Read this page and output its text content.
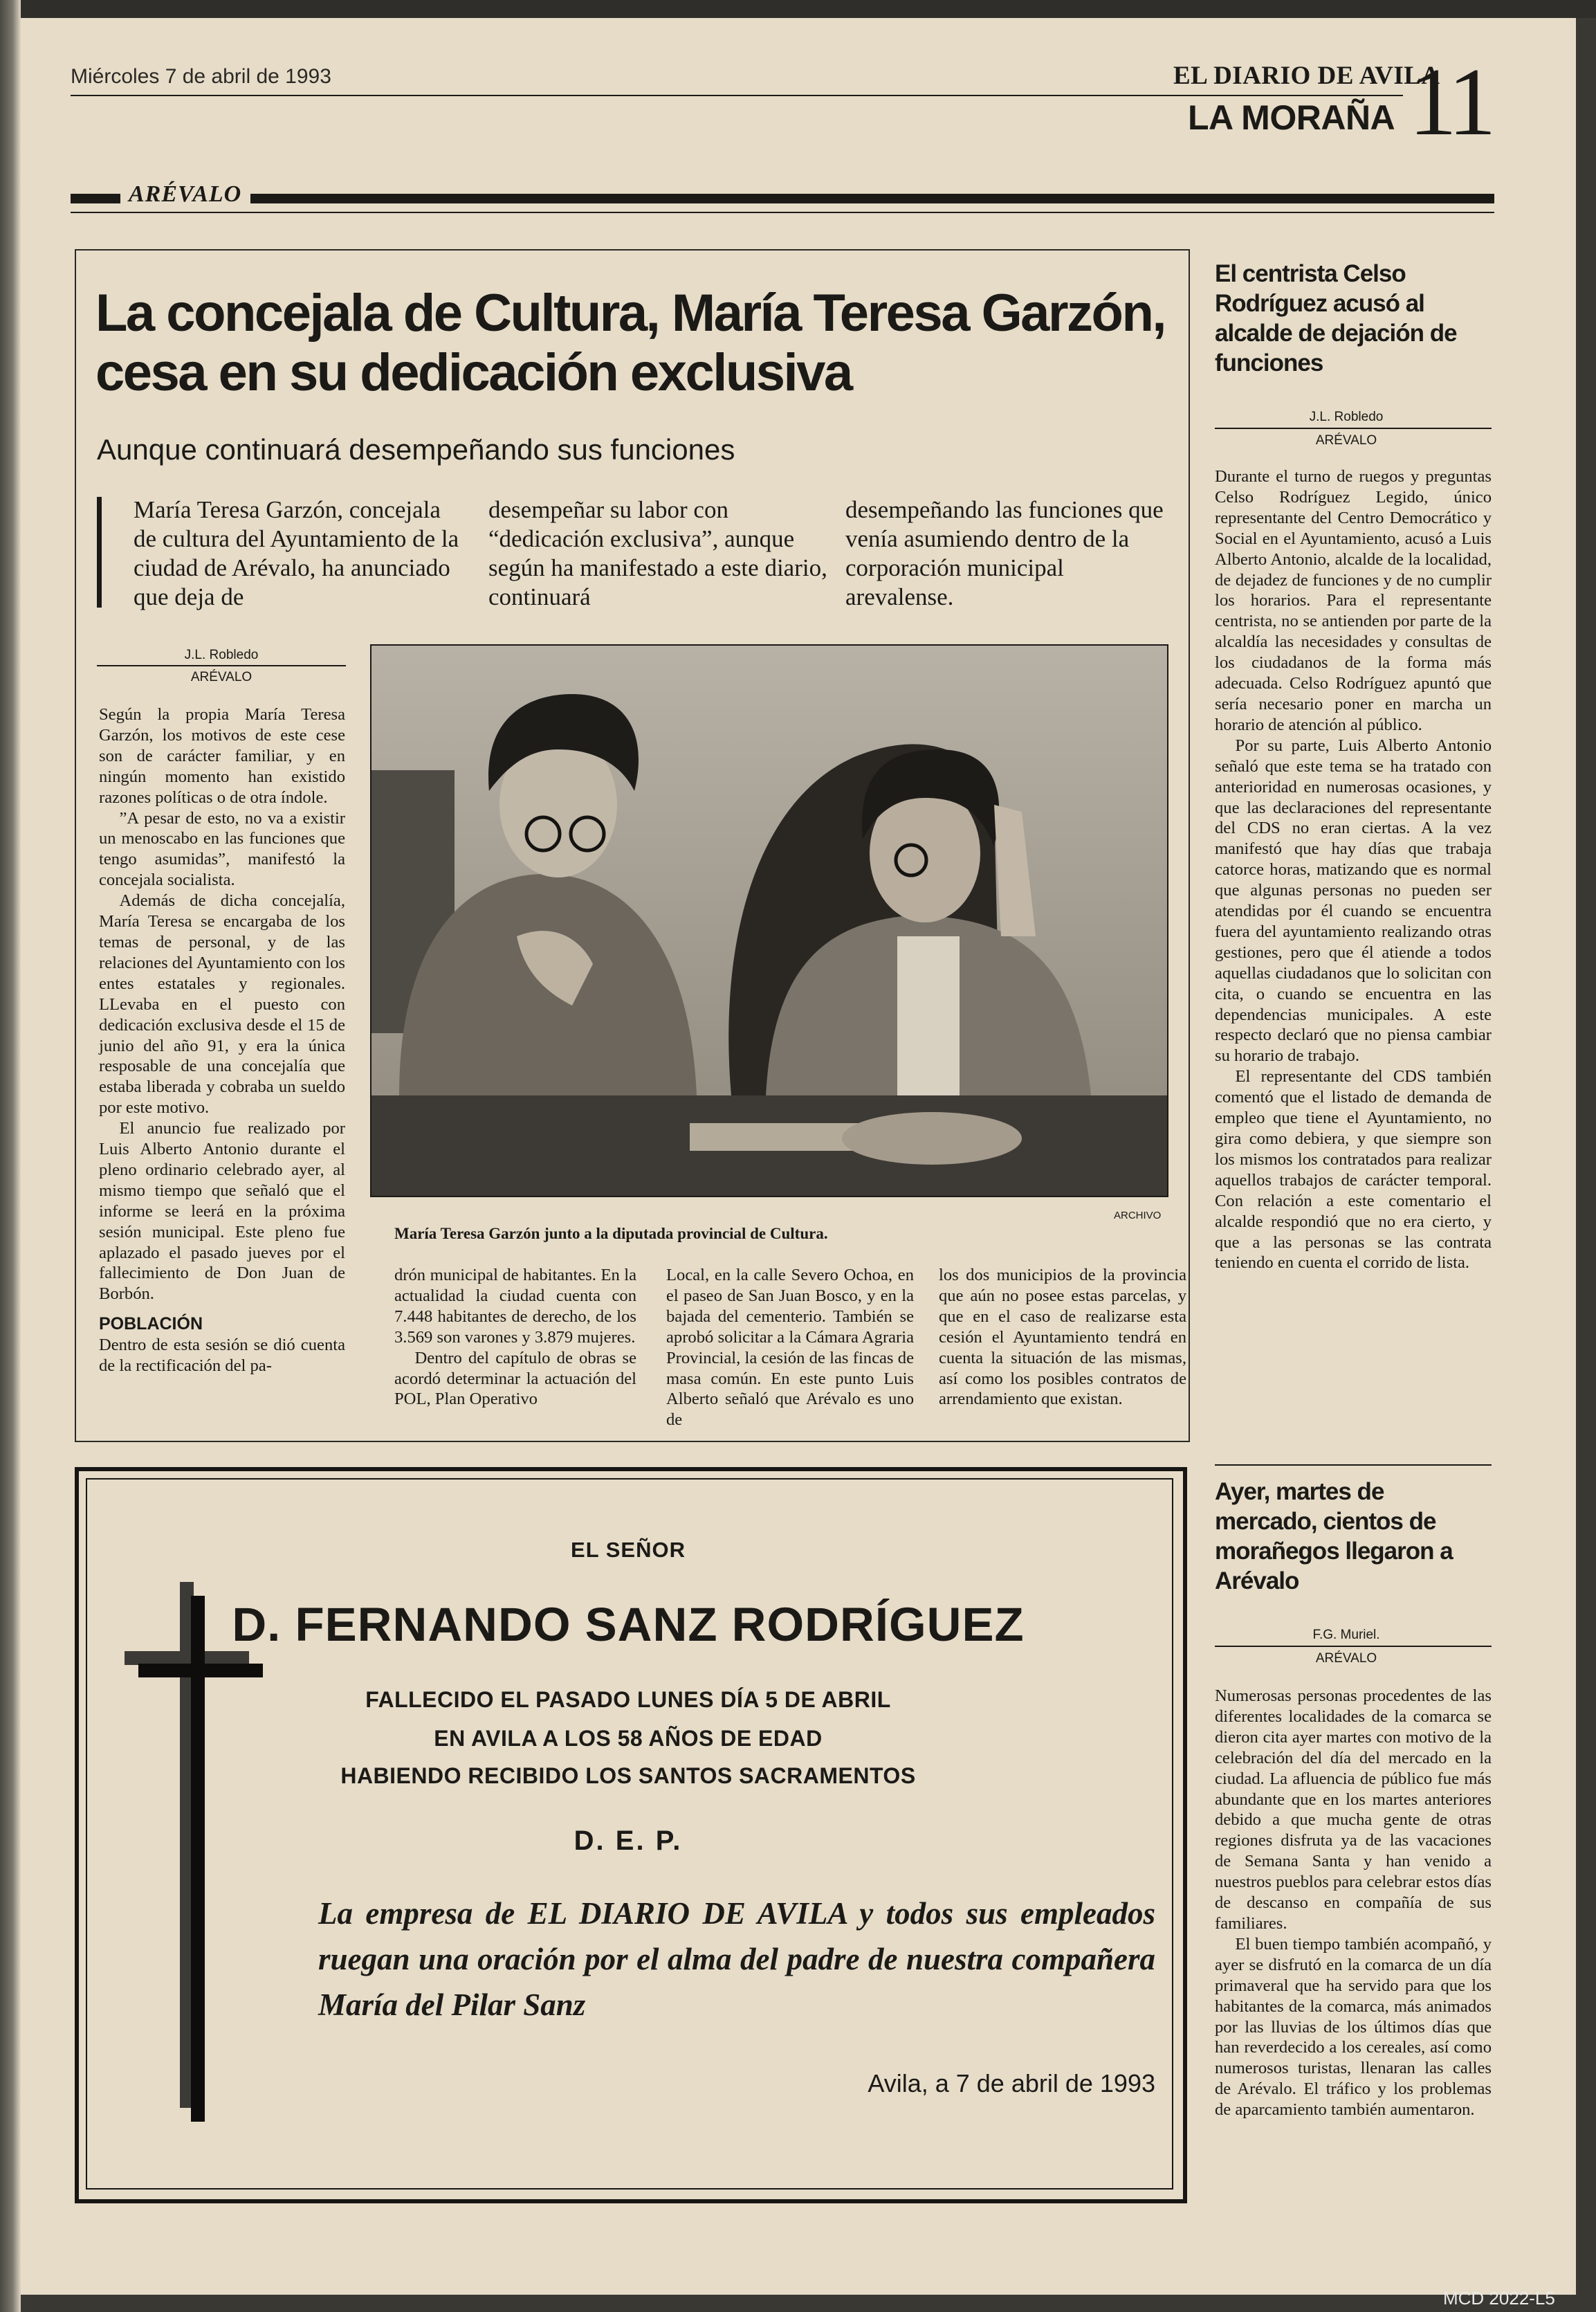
Miércoles 7 de abril de 1993	EL DIARIO DE AVILA
LA MORAÑA 11
ARÉVALO
La concejala de Cultura, María Teresa Garzón, cesa en su dedicación exclusiva
Aunque continuará desempeñando sus funciones
María Teresa Garzón, concejala de cultura del Ayuntamiento de la ciudad de Arévalo, ha anunciado que deja de
desempeñar su labor con “dedicación exclusiva”, aunque según ha manifestado a este diario, continuará
desempeñando las funciones que venía asumiendo dentro de la corporación municipal arevalense.
J.L. Robledo
ARÉVALO

Según la propia María Teresa Garzón, los motivos de este cese son de carácter familiar, y en ningún momento han existido razones políticas o de otra índole.

”A pesar de esto, no va a existir un menoscabo en las funciones que tengo asumidas”, manifestó la concejala socialista.

Además de dicha concejalía, María Teresa se encargaba de los temas de personal, y de las relaciones del Ayuntamiento con los entes estatales y regionales. LLevaba en el puesto con dedicación exclusiva desde el 15 de junio del año 91, y era la única resposable de una concejalía que estaba liberada y cobraba un sueldo por este motivo.

El anuncio fue realizado por Luis Alberto Antonio durante el pleno ordinario celebrado ayer, al mismo tiempo que señaló que el informe se leerá en la próxima sesión municipal. Este pleno fue aplazado el pasado jueves por el fallecimiento de Don Juan de Borbón.

POBLACIÓN

Dentro de esta sesión se dió cuenta de la rectificación del pa-

ARCHIVO
María Teresa Garzón junto a la diputada provincial de Cultura.

drón municipal de habitantes. En la actualidad la ciudad cuenta con 7.448 habitantes de derecho, de los 3.569 son varones y 3.879 mujeres.

Dentro del capítulo de obras se acordó determinar la actuación del POL, Plan Operativo

Local, en la calle Severo Ochoa, en el paseo de San Juan Bosco, y en la bajada del cementerio. También se aprobó solicitar a la Cámara Agraria Provincial, la cesión de las fincas de masa común. En este punto Luis Alberto señaló que Arévalo es uno de

los dos municipios de la provincia que aún no posee estas parcelas, y que en el caso de realizarse esta cesión el Ayuntamiento tendrá en cuenta la situación de las mismas, así como los posibles contratos de arrendamiento que existan.

El centrista Celso Rodríguez acusó al alcalde de dejación de funciones
J.L. Robledo
ARÉVALO

Durante el turno de ruegos y preguntas Celso Rodríguez Legido, único representante del Centro Democrático y Social en el Ayuntamiento, acusó a Luis Alberto Antonio, alcalde de la localidad, de dejadez de funciones y de no cumplir los horarios. Para el representante centrista, no se antienden por parte de la alcaldía las necesidades y consultas de los ciudadanos de la forma más adecuada. Celso Rodríguez apuntó que sería necesario poner en marcha un horario de atención al público.

Por su parte, Luis Alberto Antonio señaló que este tema se ha tratado con anterioridad en numerosas ocasiones, y que las declaraciones del representante del CDS no eran ciertas. A la vez manifestó que hay días que trabaja catorce horas, matizando que es normal que algunas personas no pueden ser atendidas por él cuando se encuentra fuera del ayuntamiento realizando otras gestiones, pero que él atiende a todos aquellas ciudadanos que lo solicitan con cita, o cuando se encuentra en las dependencias municipales. A este respecto declaró que no piensa cambiar su horario de trabajo.

El representante del CDS también comentó que el listado de demanda de empleo que tiene el Ayuntamiento, no gira como debiera, y que siempre son los mismos los contratados para realizar aquellos trabajos de carácter temporal. Con relación a este comentario el alcalde respondió que no era cierto, y que a las personas se las contrata teniendo en cuenta el corrido de lista.

Ayer, martes de mercado, cientos de morañegos llegaron a Arévalo
F.G. Muriel.
ARÉVALO

Numerosas personas procedentes de las diferentes localidades de la comarca se dieron cita ayer martes con motivo de la celebración del día del mercado en la ciudad. La afluencia de público fue más abundante que en los martes anteriores debido a que mucha gente de otras regiones disfruta ya de las vacaciones de Semana Santa y han venido a nuestros pueblos para celebrar estos días de descanso en compañía de sus familiares.

El buen tiempo también acompañó, y ayer se disfrutó en la comarca de un día primaveral que ha servido para que los habitantes de la comarca, más animados por las lluvias de los últimos días que han reverdecido a los cereales, así como numerosos turistas, llenaran las calles de Arévalo. El tráfico y los problemas de aparcamiento también aumentaron.

EL SEÑOR
D. FERNANDO SANZ RODRÍGUEZ
FALLECIDO EL PASADO LUNES DÍA 5 DE ABRIL
EN AVILA A LOS 58 AÑOS DE EDAD
HABIENDO RECIBIDO LOS SANTOS SACRAMENTOS
D. E. P.
La empresa de EL DIARIO DE AVILA y todos sus empleados ruegan una oración por el alma del padre de nuestra compañera María del Pilar Sanz
Avila, a 7 de abril de 1993
MCD 2022-L5
